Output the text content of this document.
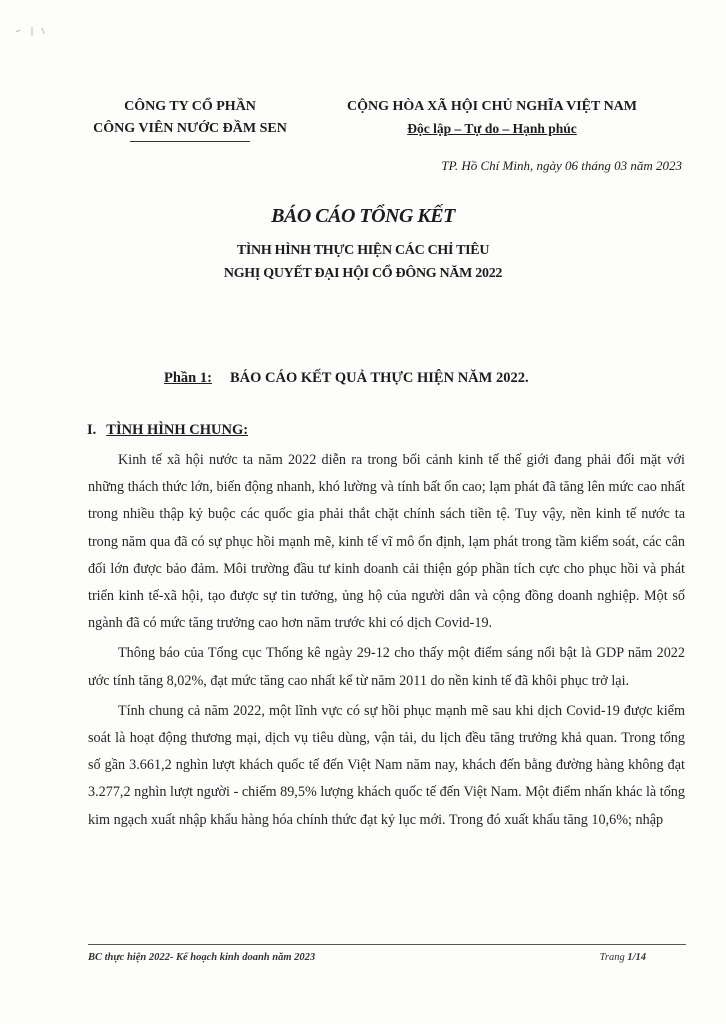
CÔNG TY CỔ PHẦN
CÔNG VIÊN NƯỚC ĐẦM SEN
CỘNG HÒA XÃ HỘI CHỦ NGHĨA VIỆT NAM
Độc lập – Tự do – Hạnh phúc
TP. Hồ Chí Minh, ngày 06 tháng 03 năm 2023
BÁO CÁO TỔNG KẾT
TÌNH HÌNH THỰC HIỆN CÁC CHỈ TIÊU
NGHỊ QUYẾT ĐẠI HỘI CỔ ĐÔNG NĂM 2022
Phần 1: BÁO CÁO KẾT QUẢ THỰC HIỆN NĂM 2022.
I. TÌNH HÌNH CHUNG:

Kinh tế xã hội nước ta năm 2022 diễn ra trong bối cảnh kinh tế thế giới đang phải đối mặt với những thách thức lớn, biến động nhanh, khó lường và tính bất ổn cao; lạm phát đã tăng lên mức cao nhất trong nhiều thập kỷ buộc các quốc gia phải thắt chặt chính sách tiền tệ. Tuy vậy, nền kinh tế nước ta trong năm qua đã có sự phục hồi mạnh mẽ, kinh tế vĩ mô ổn định, lạm phát trong tầm kiểm soát, các cân đối lớn được bảo đảm. Môi trường đầu tư kinh doanh cải thiện góp phần tích cực cho phục hồi và phát triển kinh tế-xã hội, tạo được sự tin tưởng, ủng hộ của người dân và cộng đồng doanh nghiệp. Một số ngành đã có mức tăng trưởng cao hơn năm trước khi có dịch Covid-19.

Thông báo của Tổng cục Thống kê ngày 29-12 cho thấy một điểm sáng nổi bật là GDP năm 2022 ước tính tăng 8,02%, đạt mức tăng cao nhất kể từ năm 2011 do nền kinh tế đã khôi phục trở lại.

Tính chung cả năm 2022, một lĩnh vực có sự hồi phục mạnh mẽ sau khi dịch Covid-19 được kiểm soát là hoạt động thương mại, dịch vụ tiêu dùng, vận tải, du lịch đều tăng trưởng khả quan. Trong tổng số gần 3.661,2 nghìn lượt khách quốc tế đến Việt Nam năm nay, khách đến bằng đường hàng không đạt 3.277,2 nghìn lượt người - chiếm 89,5% lượng khách quốc tế đến Việt Nam. Một điểm nhấn khác là tổng kim ngạch xuất nhập khẩu hàng hóa chính thức đạt kỷ lục mới. Trong đó xuất khẩu tăng 10,6%; nhập

BC thực hiện 2022- Kế hoạch kinh doanh năm 2023	Trang 1/14
